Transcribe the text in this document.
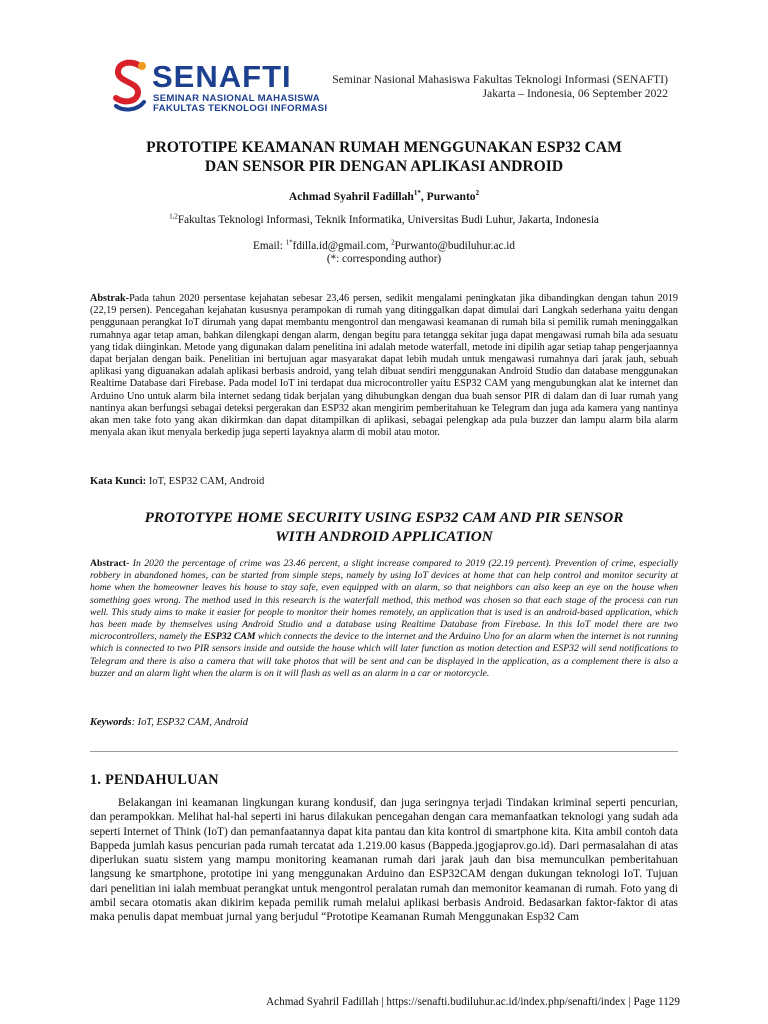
SENAFTI
SEMINAR NASIONAL MAHASISWA
FAKULTAS TEKNOLOGI INFORMASI
Seminar Nasional Mahasiswa Fakultas Teknologi Informasi (SENAFTI)
Jakarta – Indonesia, 06 September 2022
PROTOTIPE KEAMANAN RUMAH MENGGUNAKAN ESP32 CAM
DAN SENSOR PIR DENGAN APLIKASI ANDROID
Achmad Syahril Fadillah$^{1*}$, Purwanto$^2$
$^{1,2}$Fakultas Teknologi Informasi, Teknik Informatika, Universitas Budi Luhur, Jakarta, Indonesia
Email: $^{1*}$fdilla.id@gmail.com, $^2$Purwanto@budiluhur.ac.id
(*: corresponding author)
Abstrak-Pada tahun 2020 persentase kejahatan sebesar 23,46 persen, sedikit mengalami peningkatan jika dibandingkan dengan tahun 2019 (22,19 persen). Pencegahan kejahatan kususnya perampokan di rumah yang ditinggalkan dapat dimulai dari Langkah sederhana yaitu dengan penggunaan perangkat IoT dirumah yang dapat membantu mengontrol dan mengawasi keamanan di rumah bila si pemilik rumah meninggalkan rumahnya agar tetap aman, bahkan dilengkapi dengan alarm, dengan begitu para tetangga sekitar juga dapat mengawasi rumah bila ada sesuatu yang tidak diinginkan. Metode yang digunakan dalam penelitina ini adalah metode waterfall, metode ini dipilih agar setiap tahap pengerjaannya dapat berjalan dengan baik. Penelitian ini bertujuan agar masyarakat dapat lebih mudah untuk mengawasi rumahnya dari jarak jauh, sebuah aplikasi yang diguanakan adalah aplikasi berbasis android, yang telah dibuat sendiri menggunakan Android Studio dan database menggunakan Realtime Database dari Firebase. Pada model IoT ini terdapat dua microcontroller yaitu ESP32 CAM yang mengubungkan alat ke internet dan Arduino Uno untuk alarm bila internet sedang tidak berjalan yang dihubungkan dengan dua buah sensor PIR di dalam dan di luar rumah yang nantinya akan berfungsi sebagai deteksi pergerakan dan ESP32 akan mengirim pemberitahuan ke Telegram dan juga ada kamera yang nantinya akan men take foto yang akan dikirmkan dan dapat ditampilkan di aplikasi, sebagai pelengkap ada pula buzzer dan lampu alarm bila alarm menyala akan ikut menyala berkedip juga seperti layaknya alarm di mobil atau motor.
Kata Kunci: IoT, ESP32 CAM, Android
PROTOTYPE HOME SECURITY USING ESP32 CAM AND PIR SENSOR
WITH ANDROID APPLICATION
Abstract- In 2020 the percentage of crime was 23.46 percent, a slight increase compared to 2019 (22.19 percent). Prevention of crime, especially robbery in abandoned homes, can be started from simple steps, namely by using IoT devices at home that can help control and monitor security at home when the homeowner leaves his house to stay safe, even equipped with an alarm, so that neighbors can also keep an eye on the house when something goes wrong. The method used in this research is the waterfall method, this method was chosen so that each stage of the process can run well. This study aims to make it easier for people to monitor their homes remotely, an application that is used is an android-based application, which has been made by themselves using Android Studio and a database using Realtime Database from Firebase. In this IoT model there are two microcontrollers, namely the ESP32 CAM which connects the device to the internet and the Arduino Uno for an alarm when the internet is not running which is connected to two PIR sensors inside and outside the house which will later function as motion detection and ESP32 will send notifications to Telegram and there is also a camera that will take photos that will be sent and can be displayed in the application, as a complement there is also a buzzer and an alarm light when the alarm is on it will flash as well as an alarm in a car or motorcycle.
Keywords: IoT, ESP32 CAM, Android
1. PENDAHULUAN
Belakangan ini keamanan lingkungan kurang kondusif, dan juga seringnya terjadi Tindakan kriminal seperti pencurian, dan perampokkan. Melihat hal-hal seperti ini harus dilakukan pencegahan dengan cara memanfaatkan teknologi yang sudah ada seperti Internet of Think (IoT) dan pemanfaatannya dapat kita pantau dan kita kontrol di smartphone kita. Kita ambil contoh data Bappeda jumlah kasus pencurian pada rumah tercatat ada 1.219.00 kasus (Bappeda.jgogjaprov.go.id). Dari permasalahan di atas diperlukan suatu sistem yang mampu monitoring keamanan rumah dari jarak jauh dan bisa memunculkan pemberitahuan langsung ke smartphone, prototipe ini yang menggunakan Arduino dan ESP32CAM dengan dukungan teknologi IoT. Tujuan dari penelitian ini ialah membuat perangkat untuk mengontrol peralatan rumah dan memonitor keamanan di rumah. Foto yang di ambil secara otomatis akan dikirim kepada pemilik rumah melalui aplikasi berbasis Android. Bedasarkan faktor-faktor di atas maka penulis dapat membuat jurnal yang berjudul “Prototipe Keamanan Rumah Menggunakan Esp32 Cam
Achmad Syahril Fadillah | https://senafti.budiluhur.ac.id/index.php/senafti/index | Page 1129
